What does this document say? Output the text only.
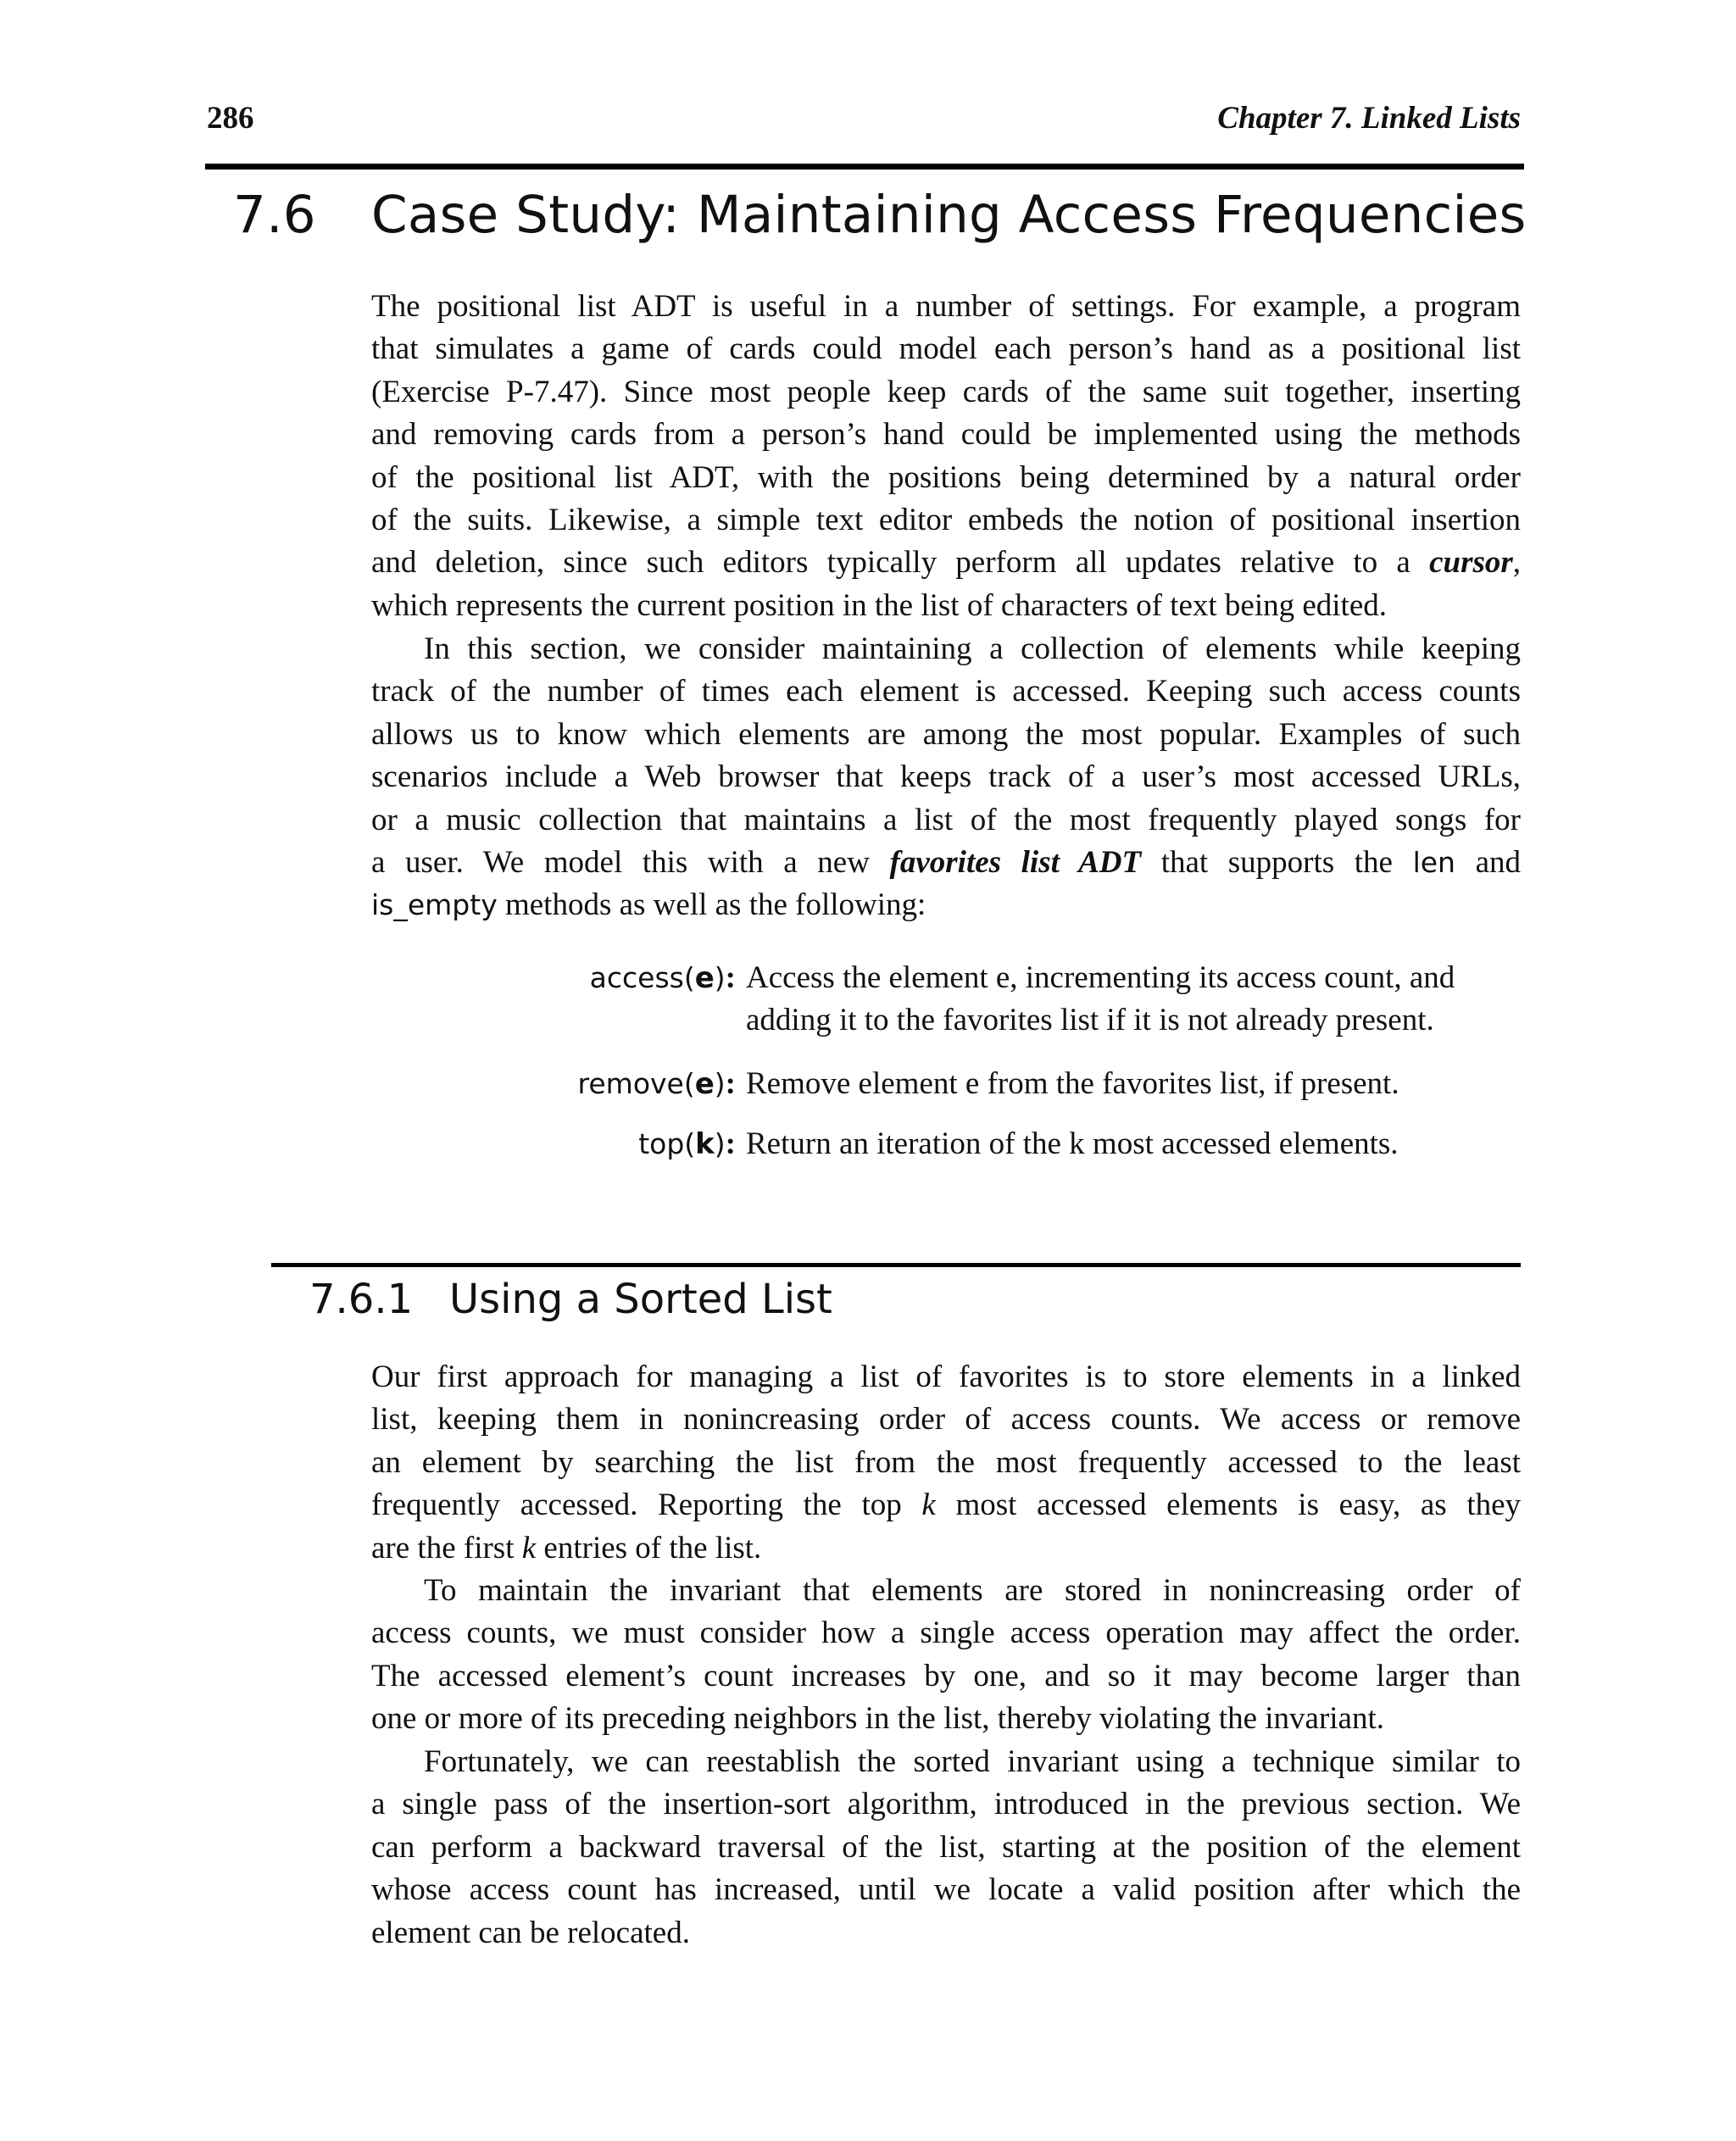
286	Chapter 7. Linked Lists
7.6 Case Study: Maintaining Access Frequencies
The positional list ADT is useful in a number of settings. For example, a program
that simulates a game of cards could model each person’s hand as a positional list
(Exercise P-7.47). Since most people keep cards of the same suit together, inserting
and removing cards from a person’s hand could be implemented using the methods
of the positional list ADT, with the positions being determined by a natural order
of the suits. Likewise, a simple text editor embeds the notion of positional insertion
and deletion, since such editors typically perform all updates relative to a cursor,
which represents the current position in the list of characters of text being edited.
In this section, we consider maintaining a collection of elements while keeping
track of the number of times each element is accessed. Keeping such access counts
allows us to know which elements are among the most popular. Examples of such
scenarios include a Web browser that keeps track of a user’s most accessed URLs,
or a music collection that maintains a list of the most frequently played songs for
a user. We model this with a new favorites list ADT that supports the len and
is_empty methods as well as the following:
access(e): Access the element e, incrementing its access count, and
adding it to the favorites list if it is not already present.
remove(e): Remove element e from the favorites list, if present.
top(k): Return an iteration of the k most accessed elements.
7.6.1 Using a Sorted List
Our first approach for managing a list of favorites is to store elements in a linked
list, keeping them in nonincreasing order of access counts. We access or remove
an element by searching the list from the most frequently accessed to the least
frequently accessed. Reporting the top k most accessed elements is easy, as they
are the first k entries of the list.
To maintain the invariant that elements are stored in nonincreasing order of
access counts, we must consider how a single access operation may affect the order.
The accessed element’s count increases by one, and so it may become larger than
one or more of its preceding neighbors in the list, thereby violating the invariant.
Fortunately, we can reestablish the sorted invariant using a technique similar to
a single pass of the insertion-sort algorithm, introduced in the previous section. We
can perform a backward traversal of the list, starting at the position of the element
whose access count has increased, until we locate a valid position after which the
element can be relocated.
